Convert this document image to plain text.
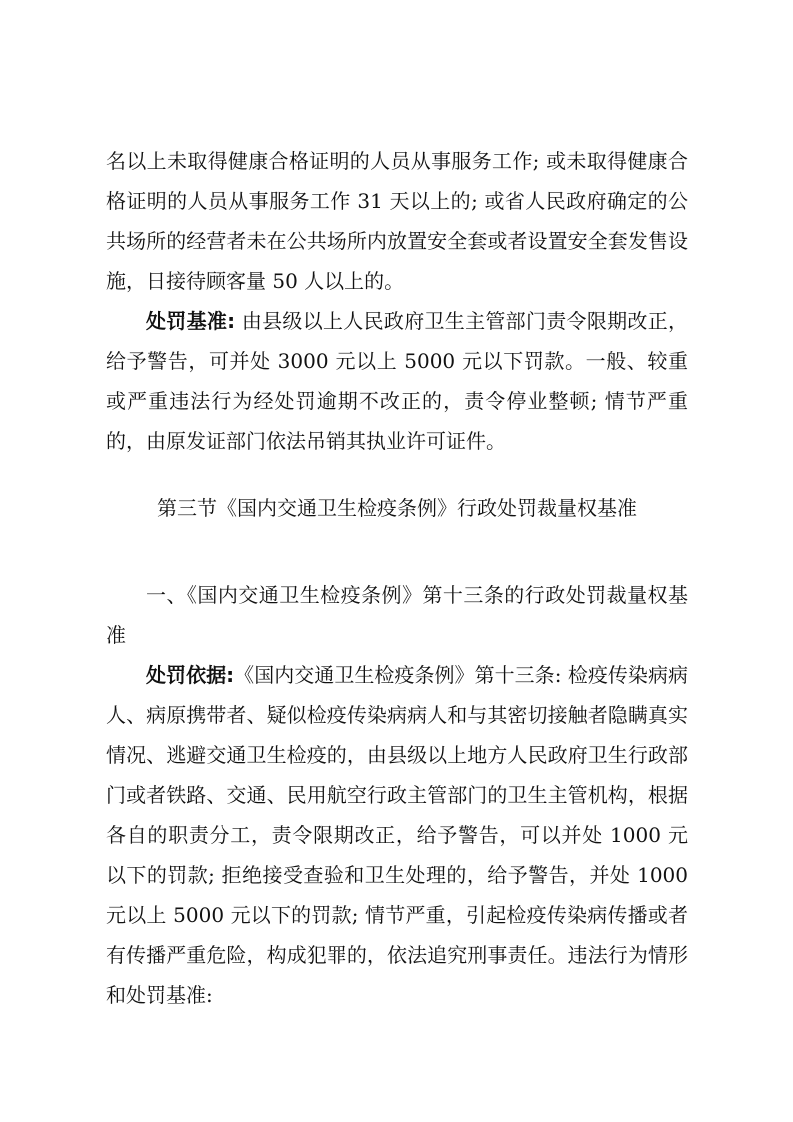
名以上未取得健康合格证明的人员从事服务工作; 或未取得健康合格证明的人员从事服务工作 31 天以上的; 或省人民政府确定的公共场所的经营者未在公共场所内放置安全套或者设置安全套发售设施，日接待顾客量 50 人以上的。

处罚基准: 由县级以上人民政府卫生主管部门责令限期改正，给予警告，可并处 3000 元以上 5000 元以下罚款。一般、较重或严重违法行为经处罚逾期不改正的，责令停业整顿; 情节严重的，由原发证部门依法吊销其执业许可证件。

第三节《国内交通卫生检疫条例》行政处罚裁量权基准

一、《国内交通卫生检疫条例》第十三条的行政处罚裁量权基准

处罚依据:《国内交通卫生检疫条例》第十三条: 检疫传染病病人、病原携带者、疑似检疫传染病病人和与其密切接触者隐瞒真实情况、逃避交通卫生检疫的，由县级以上地方人民政府卫生行政部门或者铁路、交通、民用航空行政主管部门的卫生主管机构，根据各自的职责分工，责令限期改正，给予警告，可以并处 1000 元以下的罚款; 拒绝接受查验和卫生处理的，给予警告，并处 1000 元以上 5000 元以下的罚款; 情节严重，引起检疫传染病传播或者有传播严重危险，构成犯罪的，依法追究刑事责任。违法行为情形和处罚基准:
